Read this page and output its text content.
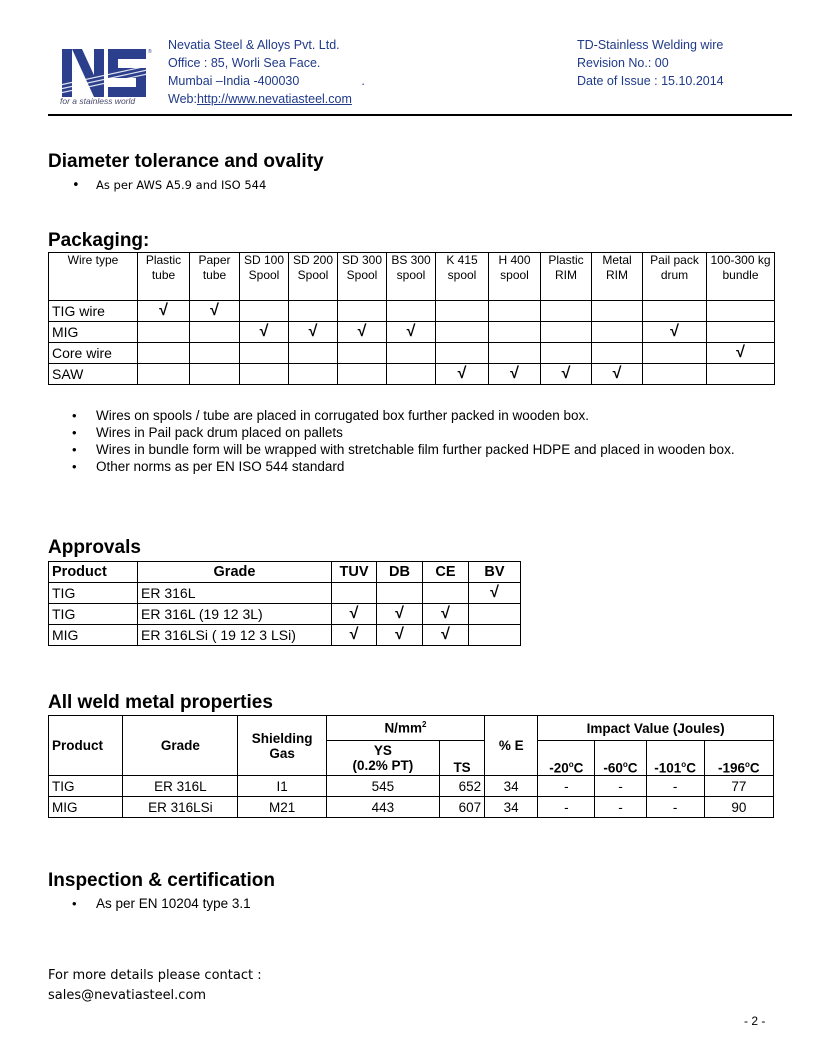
®
for a stainless world
Nevatia Steel & Alloys Pvt. Ltd.
Office : 85, Worli Sea Face.
Mumbai –India -400030	.
Web:http://www.nevatiasteel.com
TD-Stainless Welding wire
Revision No.: 00
Date of Issue : 15.10.2014
Diameter tolerance and ovality
• As per AWS A5.9 and ISO 544
Packaging:
Wire type	Plastic tube	Paper tube	SD 100 Spool	SD 200 Spool	SD 300 Spool	BS 300 spool	K 415 spool	H 400 spool	Plastic RIM	Metal RIM	Pail pack drum	100-300 kg bundle
TIG wire	√	√										
MIG			√	√	√	√					√	
Core wire												√
SAW							√	√	√	√		
• Wires on spools / tube are placed in corrugated box further packed in wooden box.
• Wires in Pail pack drum placed on pallets
• Wires in bundle form will be wrapped with stretchable film further packed HDPE and placed in wooden box.
• Other norms as per EN ISO 544 standard
Approvals
Product	Grade	TUV	DB	CE	BV
TIG	ER 316L				√
TIG	ER 316L (19 12 3L)	√	√	√	
MIG	ER 316LSi ( 19 12 3 LSi)	√	√	√	
All weld metal properties
Product	Grade	Shielding Gas	$N/mm^2$		% E	Impact Value (Joules)			

			YS
(0.2% PT)	TS		-20$^o$C	-60$^o$C	-101$^o$C	-196$^o$C
TIG	ER 316L	I1	545	652	34	-	-	-	77
MIG	ER 316LSi	M21	443	607	34	-	-	-	90
Inspection & certification
• As per EN 10204 type 3.1
For more details please contact :
sales@nevatiasteel.com
- 2 -
